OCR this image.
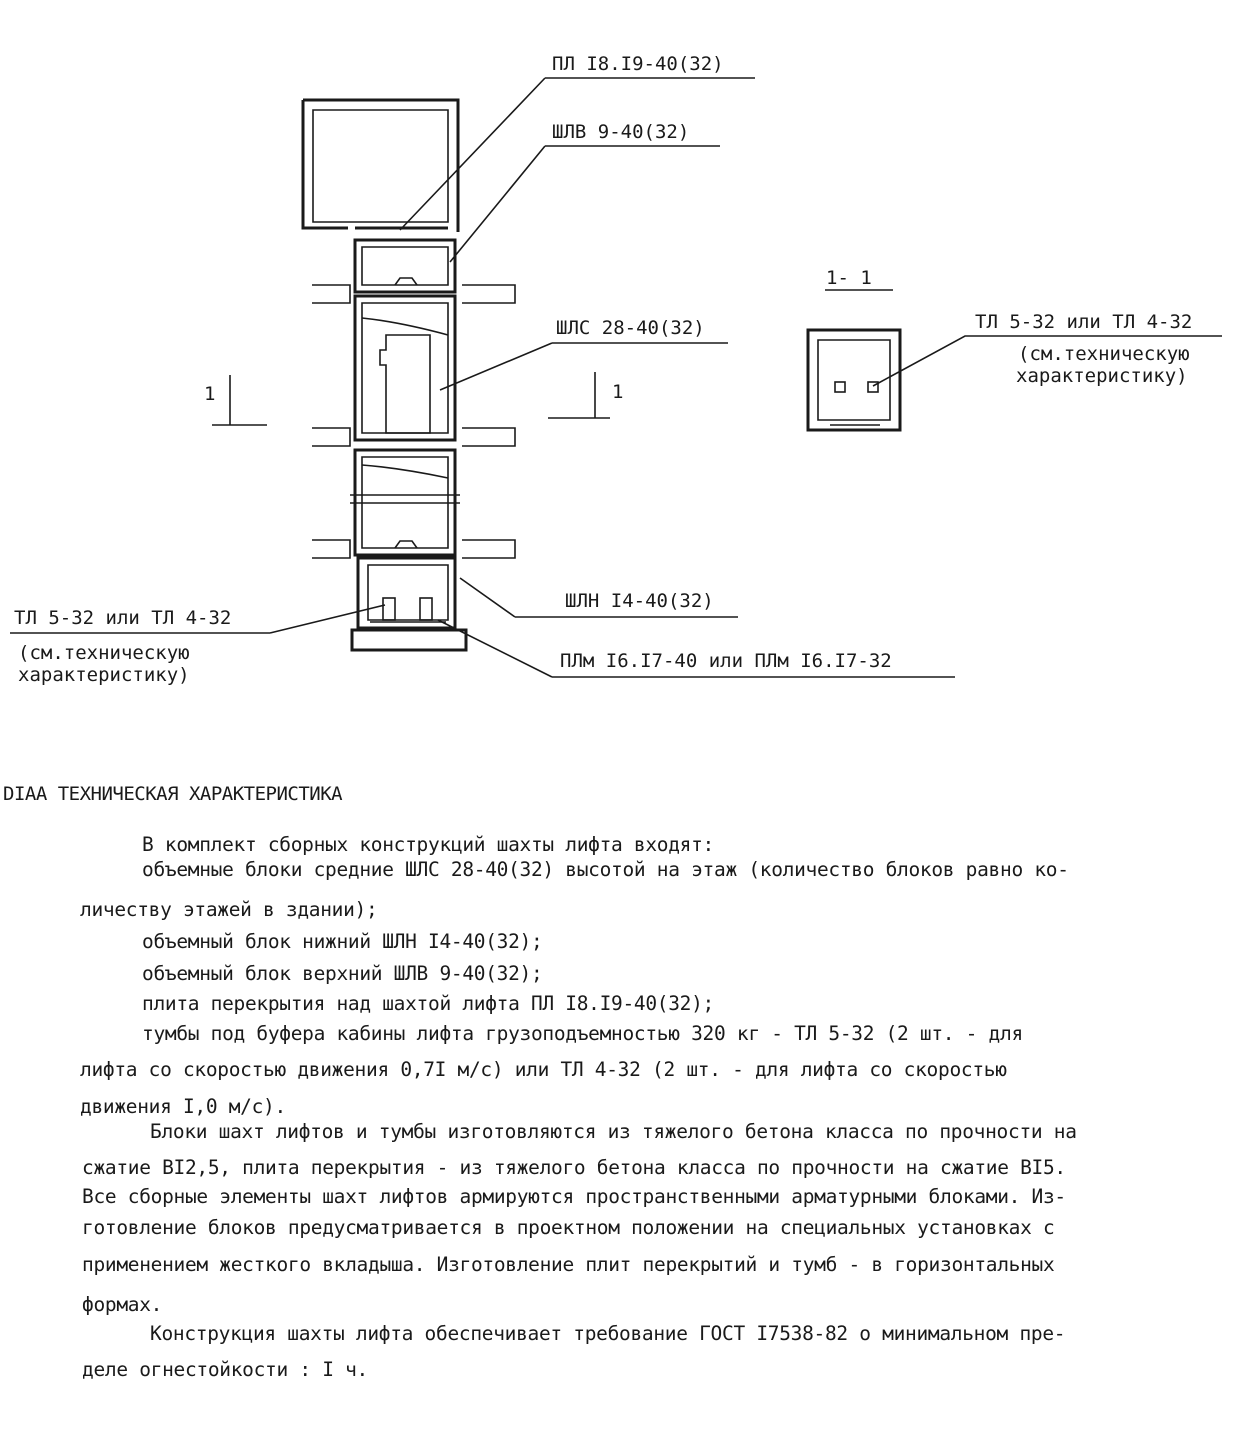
1	1
ПЛ I8.I9-40(32)
ШЛВ 9-40(32)
ШЛС 28-40(32)
ШЛН I4-40(32)
ПЛм I6.I7-40 или ПЛм I6.I7-32
ТЛ 5-32 или ТЛ 4-32
(см.техническую
характеристику)
1- 1
ТЛ 5-32 или ТЛ 4-32
(см.техническую
характеристику)
DIAA ТЕХНИЧЕСКАЯ ХАРАКТЕРИСТИКА
В комплект сборных конструкций шахты лифта входят:
объемные блоки средние ШЛС 28-40(32) высотой на этаж (количество блоков равно ко-
личеству этажей в здании);
объемный блок нижний ШЛН I4-40(32);
объемный блок верхний ШЛВ 9-40(32);
плита перекрытия над шахтой лифта ПЛ I8.I9-40(32);
тумбы под буфера кабины лифта грузоподъемностью 320 кг - ТЛ 5-32 (2 шт. - для
лифта со скоростью движения 0,7I м/с) или ТЛ 4-32 (2 шт. - для лифта со скоростью
движения I,0 м/с).
Блоки шахт лифтов и тумбы изготовляются из тяжелого бетона класса по прочности на
сжатие BI2,5, плита перекрытия - из тяжелого бетона класса по прочности на сжатие BI5.
Все сборные элементы шахт лифтов армируются пространственными арматурными блоками. Из-
готовление блоков предусматривается в проектном положении на специальных установках с
применением жесткого вкладыша. Изготовление плит перекрытий и тумб - в горизонтальных
формах.
Конструкция шахты лифта обеспечивает требование ГОСТ I7538-82 о минимальном пре-
деле огнестойкости : I ч.
